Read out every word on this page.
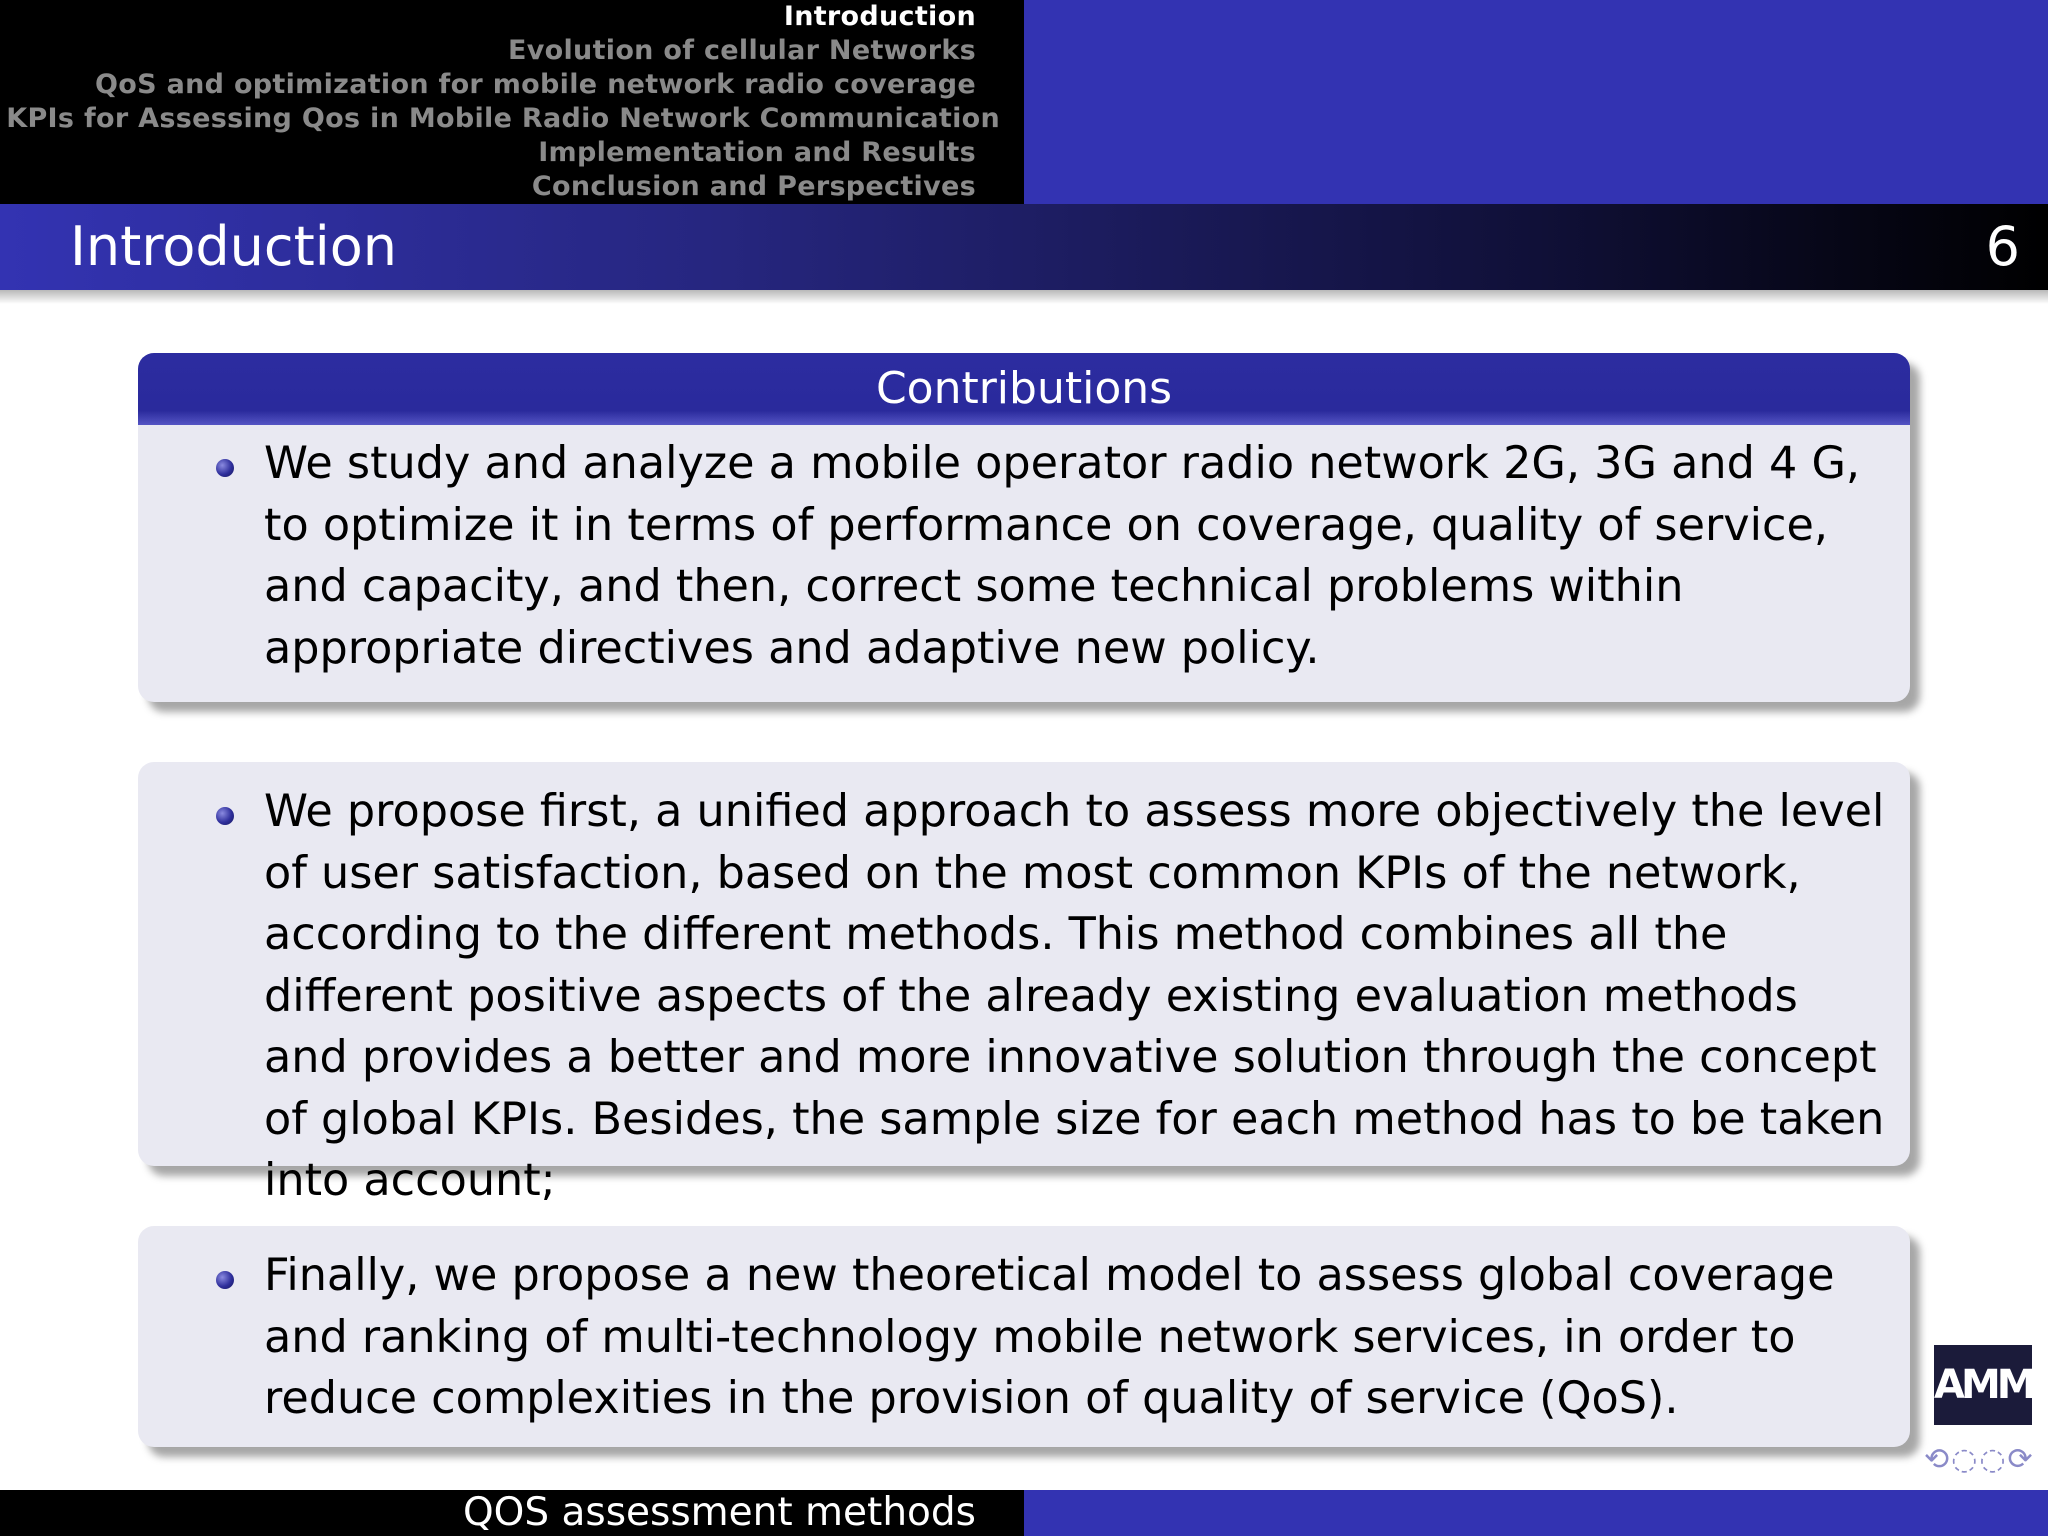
Introduction
Evolution of cellular Networks
QoS and optimization for mobile network radio coverage
KPIs for Assessing Qos in Mobile Radio Network Communication
Implementation and Results
Conclusion and Perspectives
Introduction	6
Contributions

We study and analyze a mobile operator radio network 2G, 3G and 4 G, to optimize it in terms of performance on coverage, quality of service, and capacity, and then, correct some technical problems within appropriate directives and adaptive new policy.

We propose first, a unified approach to assess more objectively the level of user satisfaction, based on the most common KPIs of the network, according to the different methods. This method combines all the different positive aspects of the already existing evaluation methods and provides a better and more innovative solution through the concept of global KPIs. Besides, the sample size for each method has to be taken into account;

Finally, we propose a new theoretical model to assess global coverage and ranking of multi-technology mobile network services, in order to reduce complexities in the provision of quality of service (QoS).	AMMI)
⟲◌◌⟳
QOS assessment methods
